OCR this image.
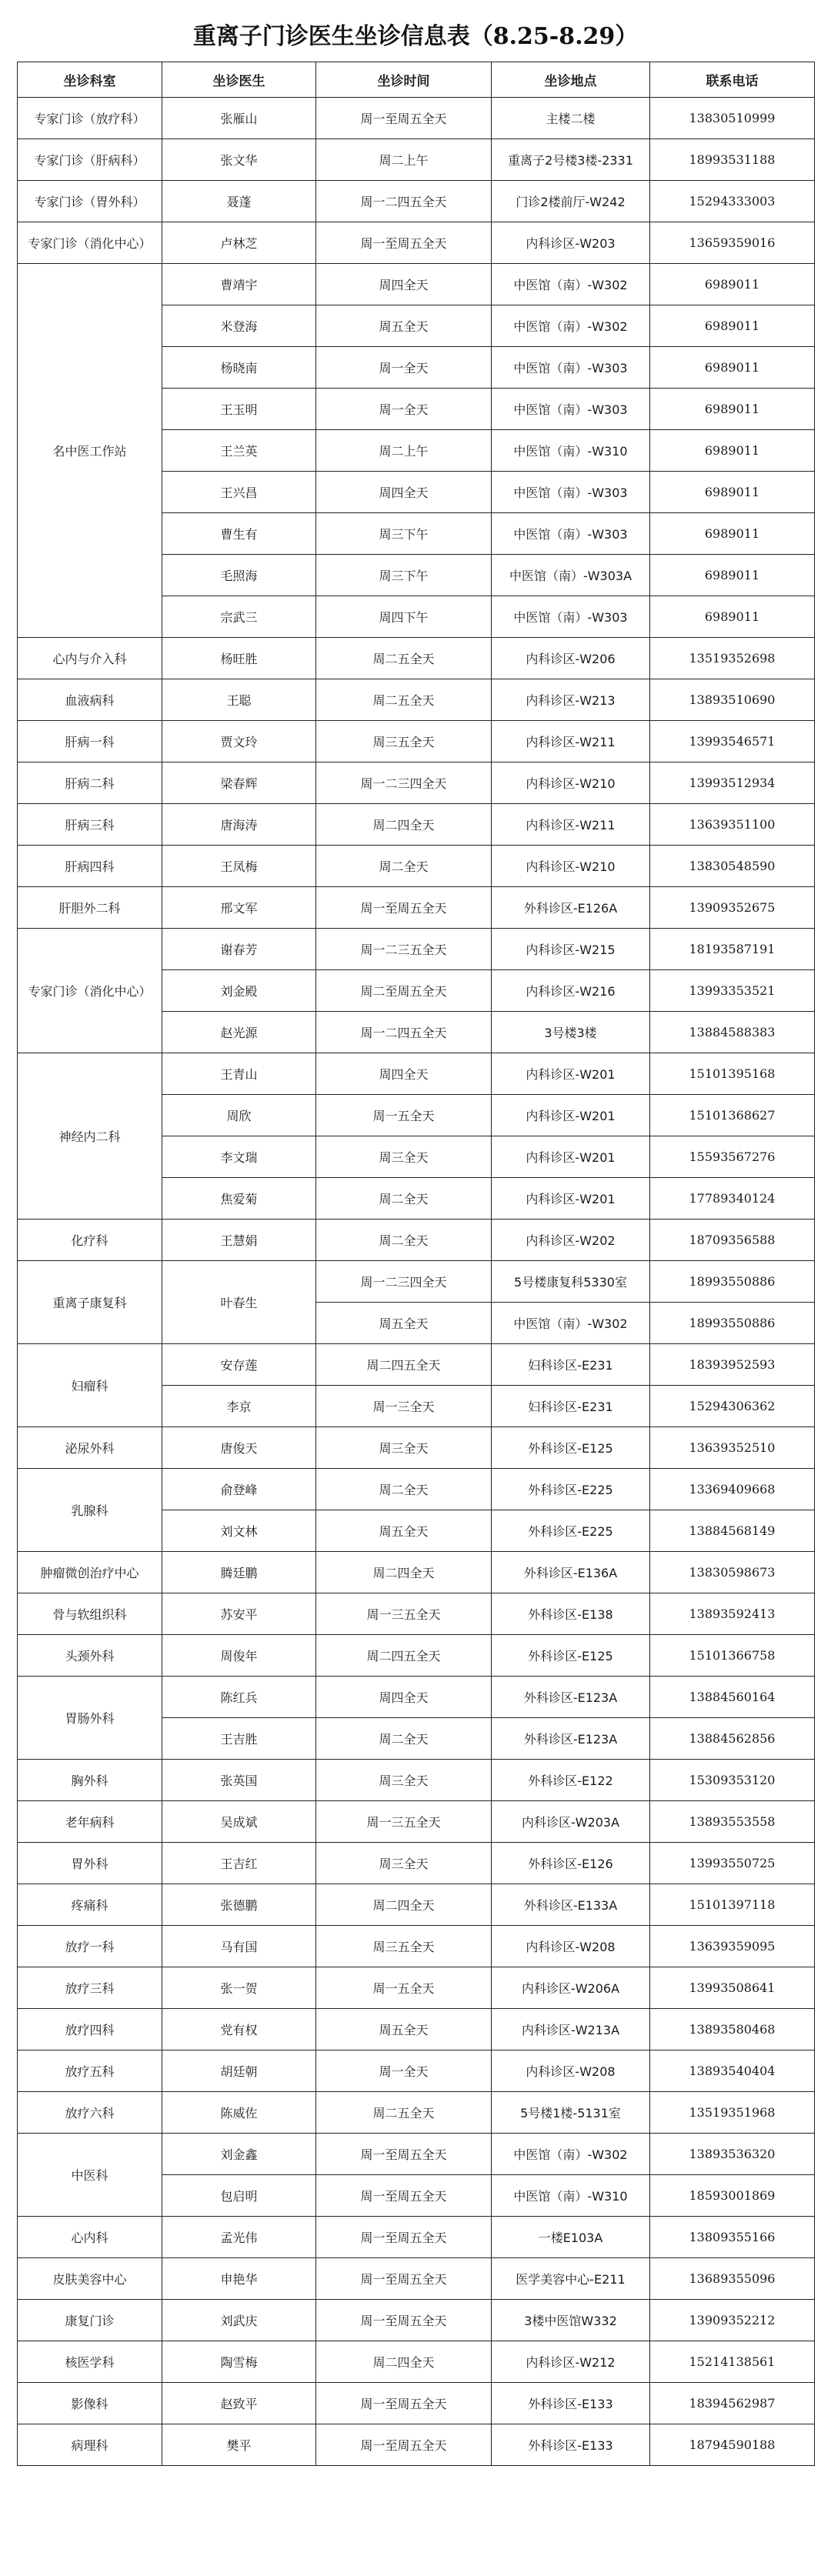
重离子门诊医生坐诊信息表（8.25-8.29）
坐诊科室	坐诊医生	坐诊时间	坐诊地点	联系电话
专家门诊（放疗科）	张雁山	周一至周五全天	主楼二楼	13830510999
专家门诊（肝病科）	张文华	周二上午	重离子2号楼3楼-2331	18993531188
专家门诊（胃外科）	聂蓬	周一二四五全天	门诊2楼前厅-W242	15294333003
专家门诊（消化中心）	卢林芝	周一至周五全天	内科诊区-W203	13659359016
名中医工作站	曹靖宇	周四全天	中医馆（南）-W302	6989011
	米登海	周五全天	中医馆（南）-W302	6989011
	杨晓南	周一全天	中医馆（南）-W303	6989011
	王玉明	周一全天	中医馆（南）-W303	6989011
	王兰英	周二上午	中医馆（南）-W310	6989011
	王兴昌	周四全天	中医馆（南）-W303	6989011
	曹生有	周三下午	中医馆（南）-W303	6989011
	毛照海	周三下午	中医馆（南）-W303A	6989011
	宗武三	周四下午	中医馆（南）-W303	6989011
心内与介入科	杨旺胜	周二五全天	内科诊区-W206	13519352698
血液病科	王聪	周二五全天	内科诊区-W213	13893510690
肝病一科	贾文玲	周三五全天	内科诊区-W211	13993546571
肝病二科	梁春辉	周一二三四全天	内科诊区-W210	13993512934
肝病三科	唐海涛	周二四全天	内科诊区-W211	13639351100
肝病四科	王凤梅	周二全天	内科诊区-W210	13830548590
肝胆外二科	邢文军	周一至周五全天	外科诊区-E126A	13909352675
专家门诊（消化中心）	谢春芳	周一二三五全天	内科诊区-W215	18193587191
	刘金殿	周二至周五全天	内科诊区-W216	13993353521
	赵光源	周一二四五全天	3号楼3楼	13884588383
神经内二科	王青山	周四全天	内科诊区-W201	15101395168
	周欣	周一五全天	内科诊区-W201	15101368627
	李文瑞	周三全天	内科诊区-W201	15593567276
	焦爱菊	周二全天	内科诊区-W201	17789340124
化疗科	王慧娟	周二全天	内科诊区-W202	18709356588
重离子康复科	叶春生	周一二三四全天	5号楼康复科5330室	18993550886
		周五全天	中医馆（南）-W302	18993550886
妇瘤科	安存莲	周二四五全天	妇科诊区-E231	18393952593
	李京	周一三全天	妇科诊区-E231	15294306362
泌尿外科	唐俊天	周三全天	外科诊区-E125	13639352510
乳腺科	俞登峰	周二全天	外科诊区-E225	13369409668
	刘文林	周五全天	外科诊区-E225	13884568149
肿瘤微创治疗中心	腾廷鹏	周二四全天	外科诊区-E136A	13830598673
骨与软组织科	苏安平	周一三五全天	外科诊区-E138	13893592413
头颈外科	周俊年	周二四五全天	外科诊区-E125	15101366758
胃肠外科	陈红兵	周四全天	外科诊区-E123A	13884560164
	王吉胜	周二全天	外科诊区-E123A	13884562856
胸外科	张英国	周三全天	外科诊区-E122	15309353120
老年病科	吴成斌	周一三五全天	内科诊区-W203A	13893553558
胃外科	王吉红	周三全天	外科诊区-E126	13993550725
疼痛科	张德鹏	周二四全天	外科诊区-E133A	15101397118
放疗一科	马有国	周三五全天	内科诊区-W208	13639359095
放疗三科	张一贺	周一五全天	内科诊区-W206A	13993508641
放疗四科	党有权	周五全天	内科诊区-W213A	13893580468
放疗五科	胡廷朝	周一全天	内科诊区-W208	13893540404
放疗六科	陈威佐	周二五全天	5号楼1楼-5131室	13519351968
中医科	刘金鑫	周一至周五全天	中医馆（南）-W302	13893536320
	包启明	周一至周五全天	中医馆（南）-W310	18593001869
心内科	孟光伟	周一至周五全天	一楼E103A	13809355166
皮肤美容中心	申艳华	周一至周五全天	医学美容中心-E211	13689355096
康复门诊	刘武庆	周一至周五全天	3楼中医馆W332	13909352212
核医学科	陶雪梅	周二四全天	内科诊区-W212	15214138561
影像科	赵致平	周一至周五全天	外科诊区-E133	18394562987
病理科	樊平	周一至周五全天	外科诊区-E133	18794590188
